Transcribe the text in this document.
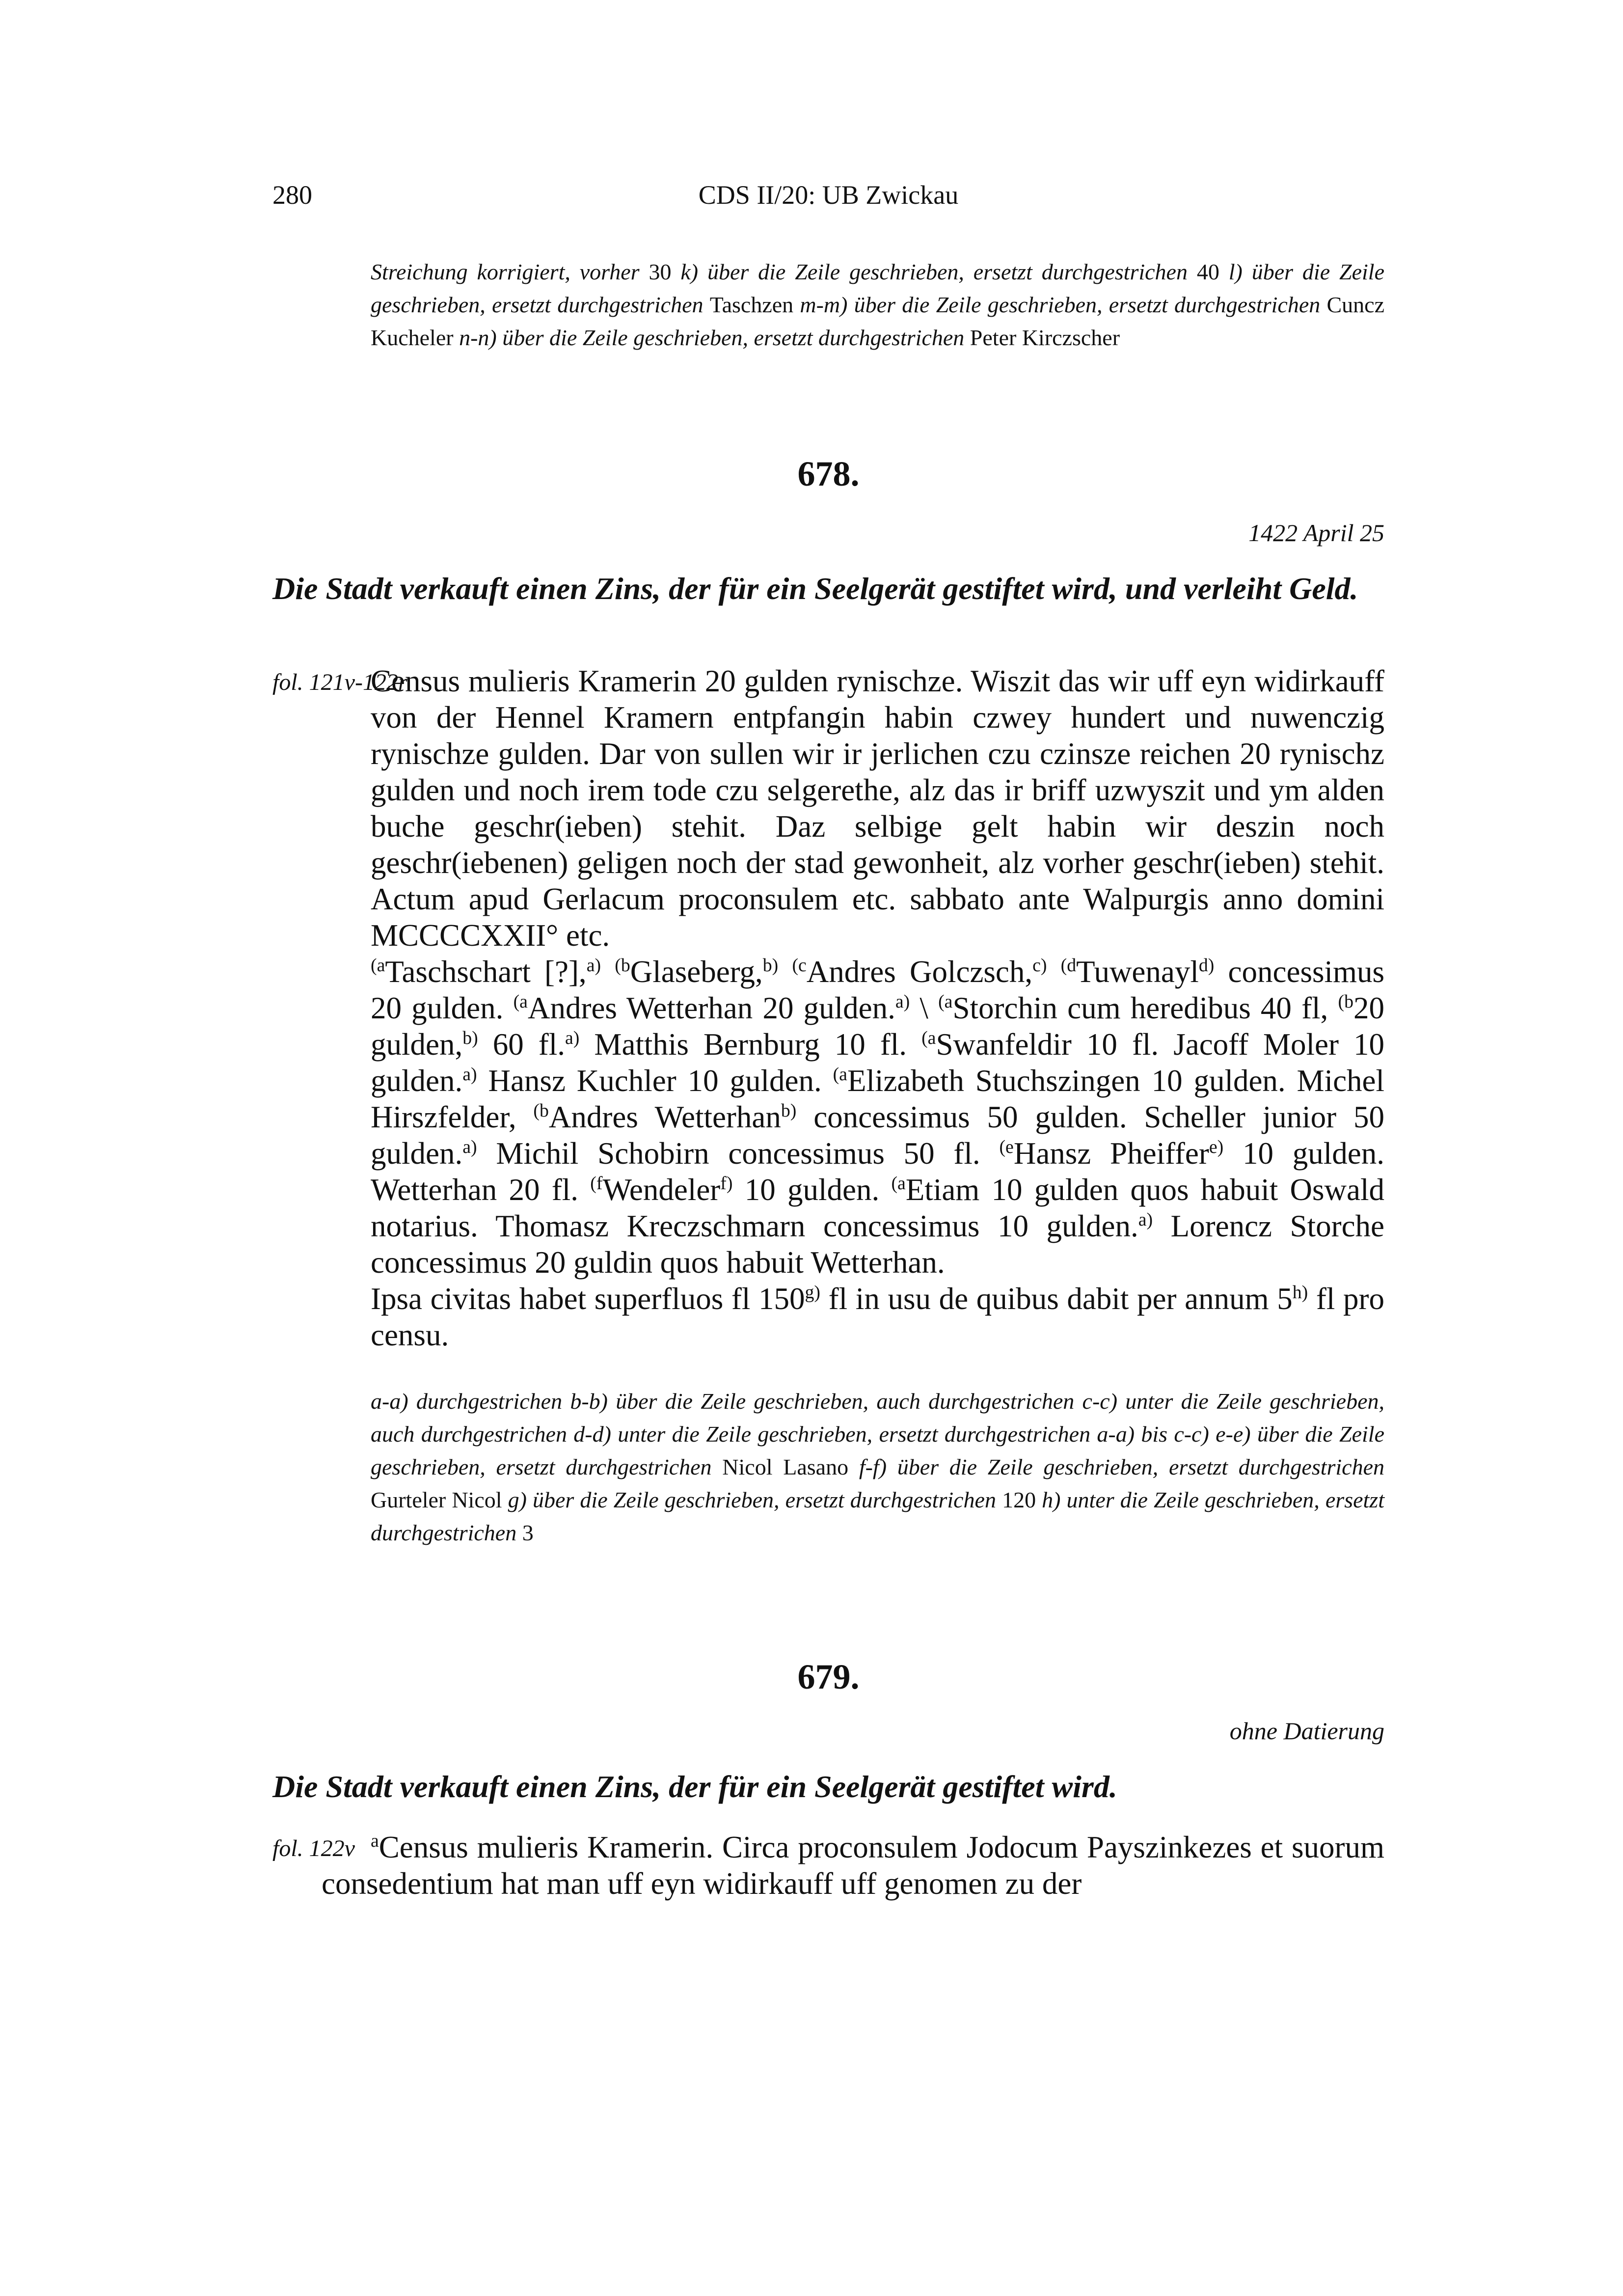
280	CDS II/20: UB Zwickau
Streichung korrigiert, vorher 30 k) über die Zeile geschrieben, ersetzt durchgestrichen 40 l) über die Zeile geschrieben, ersetzt durchgestrichen Taschzen m-m) über die Zeile geschrieben, ersetzt durchgestrichen Cuncz Kucheler n-n) über die Zeile geschrieben, ersetzt durchgestrichen Peter Kirczscher
678.
1422 April 25
Die Stadt verkauft einen Zins, der für ein Seelgerät gestiftet wird, und verleiht Geld.
fol. 121v-122r

Census mulieris Kramerin 20 gulden rynischze. Wiszit das wir uff eyn widirkauff von der Hennel Kramern entpfangin habin czwey hundert und nuwenczig rynischze gulden. Dar von sullen wir ir jerlichen czu czinsze reichen 20 rynischz gulden und noch irem tode czu selgerethe, alz das ir briff uzwyszit und ym alden buche geschr(ieben) stehit. Daz selbige gelt habin wir deszin noch geschr(iebenen) geligen noch der stad gewonheit, alz vorher geschr(ieben) stehit. Actum apud Gerlacum proconsulem etc. sabbato ante Walpurgis anno domini MCCCCXXII° etc.

$^{(a}$Taschschart [?],$^{a)}$ $^{(b}$Glaseberg,$^{b)}$ $^{(c}$Andres Golczsch,$^{c)}$ $^{(d}$Tuwenayl$^{d)}$ concessimus 20 gulden. $^{(a}$Andres Wetterhan 20 gulden.$^{a)}$ \ $^{(a}$Storchin cum heredibus 40 fl, $^{(b}$20 gulden,$^{b)}$ 60 fl.$^{a)}$ Matthis Bernburg 10 fl. $^{(a}$Swanfeldir 10 fl. Jacoff Moler 10 gulden.$^{a)}$ Hansz Kuchler 10 gulden. $^{(a}$Elizabeth Stuchszingen 10 gulden. Michel Hirszfelder, $^{(b}$Andres Wetterhan$^{b)}$ concessimus 50 gulden. Scheller junior 50 gulden.$^{a)}$ Michil Schobirn concessimus 50 fl. $^{(e}$Hansz Pheiffer$^{e)}$ 10 gulden. Wetterhan 20 fl. $^{(f}$Wendeler$^{f)}$ 10 gulden. $^{(a}$Etiam 10 gulden quos habuit Oswald notarius. Thomasz Kreczschmarn concessimus 10 gulden.$^{a)}$ Lorencz Storche concessimus 20 guldin quos habuit Wetterhan.

Ipsa civitas habet superfluos fl 150$^{g)}$ fl in usu de quibus dabit per annum 5$^{h)}$ fl pro censu.

a-a) durchgestrichen b-b) über die Zeile geschrieben, auch durchgestrichen c-c) unter die Zeile geschrieben, auch durchgestrichen d-d) unter die Zeile geschrieben, ersetzt durchgestrichen a-a) bis c-c) e-e) über die Zeile geschrieben, ersetzt durchgestrichen Nicol Lasano f-f) über die Zeile geschrieben, ersetzt durchgestrichen Gurteler Nicol g) über die Zeile geschrieben, ersetzt durchgestrichen 120 h) unter die Zeile geschrieben, ersetzt durchgestrichen 3
679.
ohne Datierung
Die Stadt verkauft einen Zins, der für ein Seelgerät gestiftet wird.
fol. 122v $^a$Census mulieris Kramerin. Circa proconsulem Jodocum Payszinkezes et suorum consedentium hat man uff eyn widirkauff uff genomen zu der
